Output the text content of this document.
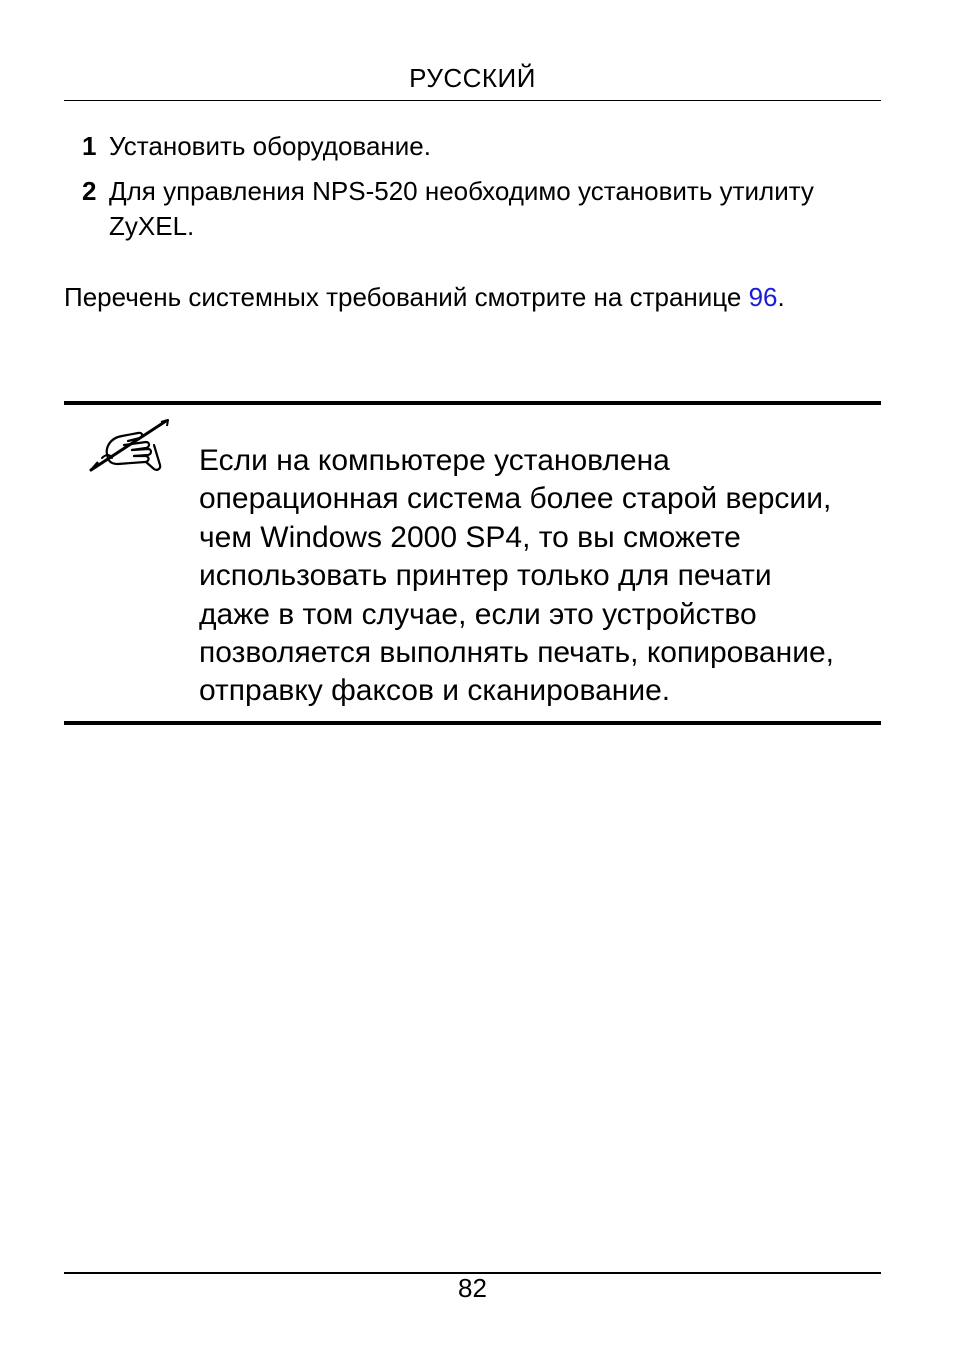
РУССКИЙ
1 Установить оборудование.
2 Для управления NPS-520 необходимо установить утилиту ZyXEL.

Перечень системных требований смотрите на странице 96.

Если на компьютере установлена
операционная система более старой версии,
чем Windows 2000 SP4, то вы сможете
использовать принтер только для печати
даже в том случае, если это устройство
позволяется выполнять печать, копирование,
отправку факсов и сканирование.

82
